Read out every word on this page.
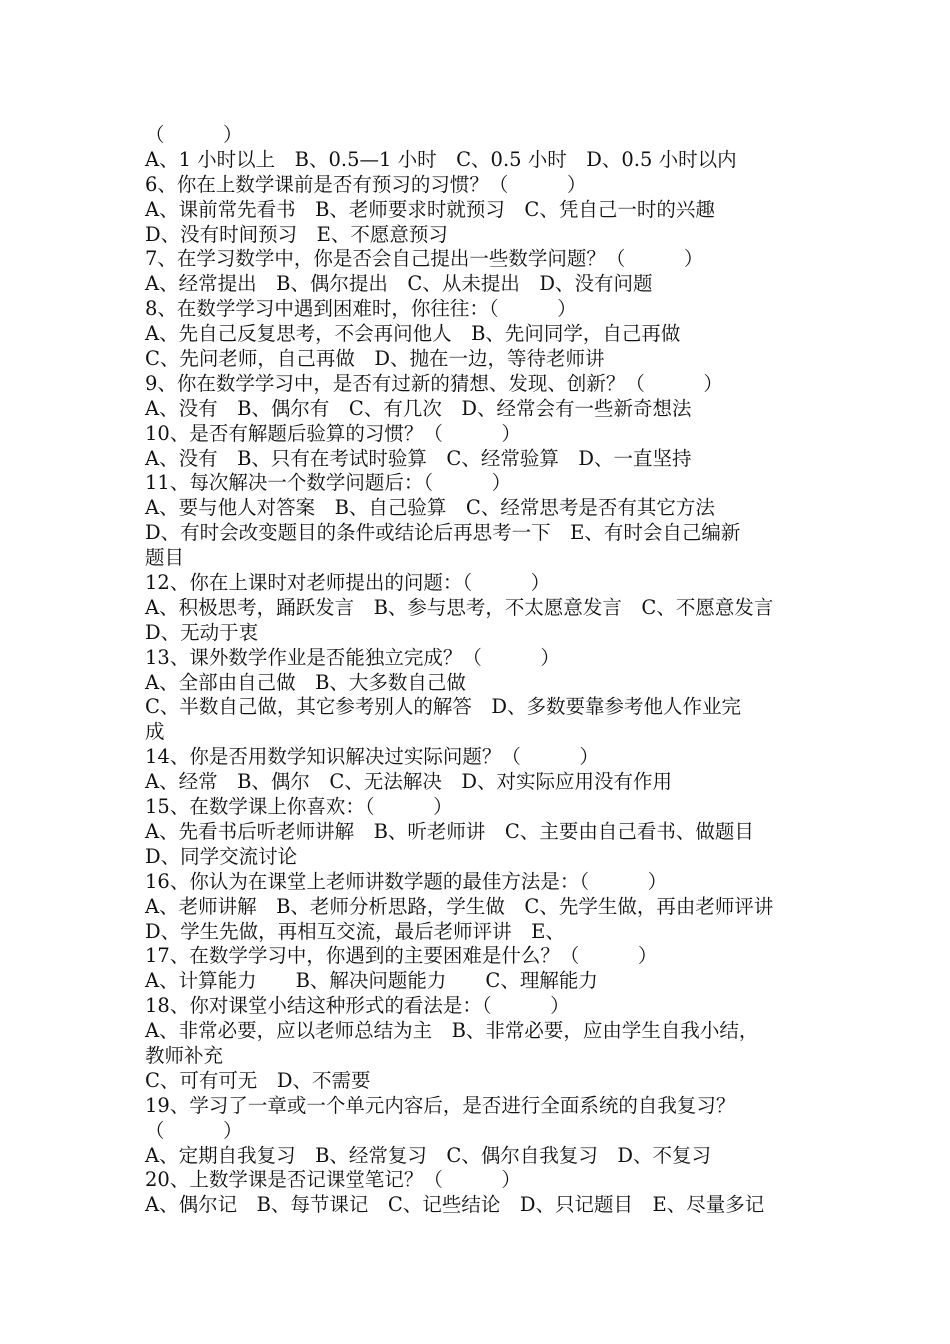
（　　　）
A、1 小时以上　B、0.5—1 小时　C、0.5 小时　D、0.5 小时以内
6、你在上数学课前是否有预习的习惯？（　　　）
A、课前常先看书　B、老师要求时就预习　C、凭自己一时的兴趣
D、没有时间预习　E、不愿意预习
7、在学习数学中，你是否会自己提出一些数学问题？（　　　）
A、经常提出　B、偶尔提出　C、从未提出　D、没有问题
8、在数学学习中遇到困难时，你往往：（　　　）
A、先自己反复思考，不会再问他人　B、先问同学，自己再做
C、先问老师，自己再做　D、抛在一边，等待老师讲
9、你在数学学习中，是否有过新的猜想、发现、创新？（　　　）
A、没有　B、偶尔有　C、有几次　D、经常会有一些新奇想法
10、是否有解题后验算的习惯？（　　　）
A、没有　B、只有在考试时验算　C、经常验算　D、一直坚持
11、每次解决一个数学问题后：（　　　）
A、要与他人对答案　B、自己验算　C、经常思考是否有其它方法
D、有时会改变题目的条件或结论后再思考一下　E、有时会自己编新
题目
12、你在上课时对老师提出的问题：（　　　）
A、积极思考，踊跃发言　B、参与思考，不太愿意发言　C、不愿意发言
D、无动于衷
13、课外数学作业是否能独立完成？（　　　）
A、全部由自己做　B、大多数自己做
C、半数自己做，其它参考别人的解答　D、多数要靠参考他人作业完
成
14、你是否用数学知识解决过实际问题？（　　　）
A、经常　B、偶尔　C、无法解决　D、对实际应用没有作用
15、在数学课上你喜欢：（　　　）
A、先看书后听老师讲解　B、听老师讲　C、主要由自己看书、做题目
D、同学交流讨论
16、你认为在课堂上老师讲数学题的最佳方法是：（　　　）
A、老师讲解　B、老师分析思路，学生做　C、先学生做，再由老师评讲
D、学生先做，再相互交流，最后老师评讲　E、
17、在数学学习中，你遇到的主要困难是什么？（　　　）
A、计算能力　　B、解决问题能力　　C、理解能力
18、你对课堂小结这种形式的看法是：（　　　）
A、非常必要，应以老师总结为主　B、非常必要，应由学生自我小结，
教师补充
C、可有可无　D、不需要
19、学习了一章或一个单元内容后，是否进行全面系统的自我复习？
（　　　）
A、定期自我复习　B、经常复习　C、偶尔自我复习　D、不复习
20、上数学课是否记课堂笔记？（　　　）
A、偶尔记　B、每节课记　C、记些结论　D、只记题目　E、尽量多记
